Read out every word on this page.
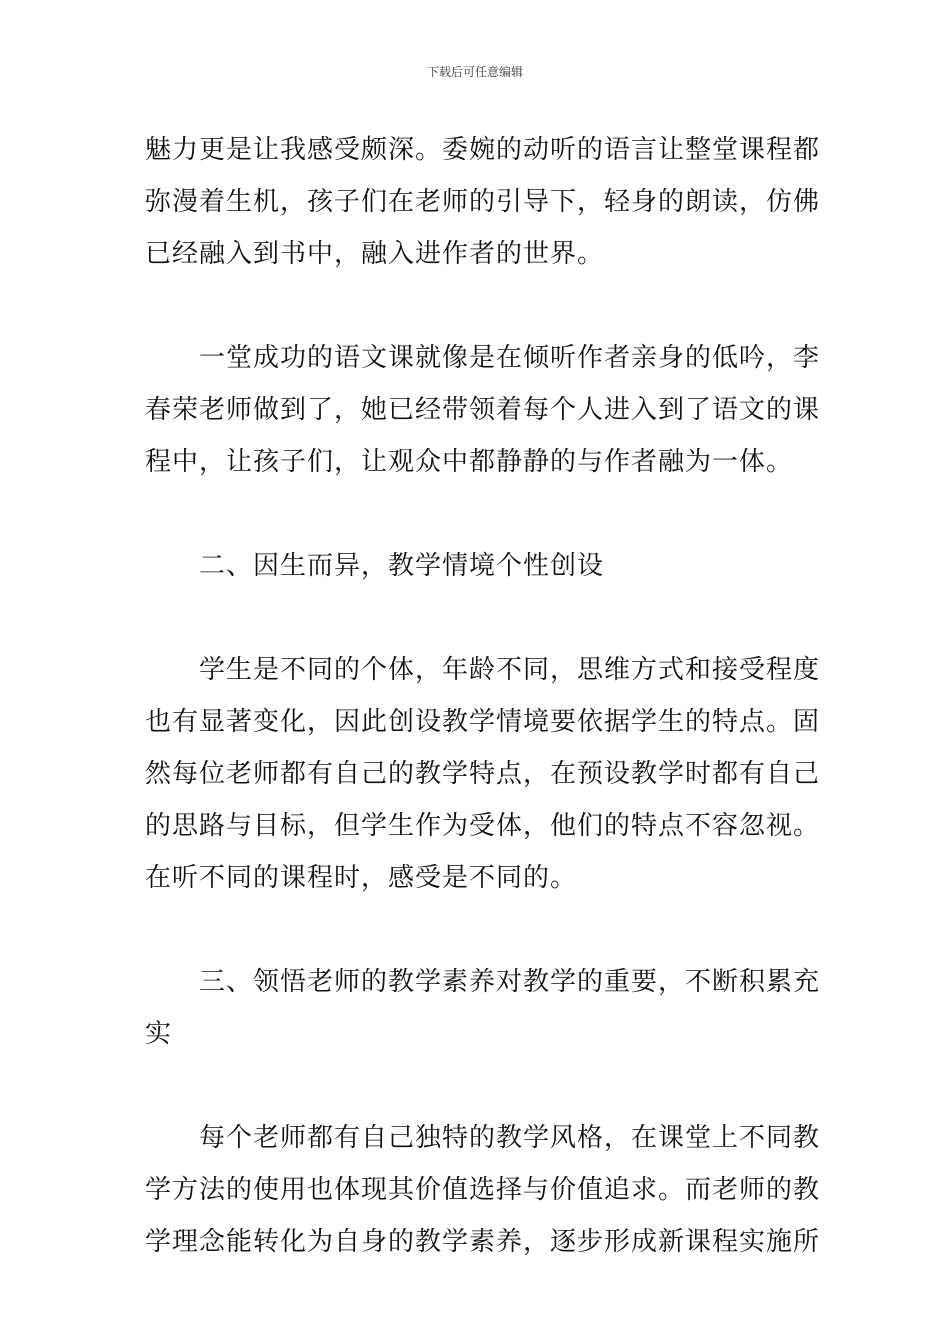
下载后可任意编辑

魅力更是让我感受颇深。委婉的动听的语言让整堂课程都
弥漫着生机，孩子们在老师的引导下，轻身的朗读，仿佛
已经融入到书中，融入进作者的世界。

一堂成功的语文课就像是在倾听作者亲身的低吟，李
春荣老师做到了，她已经带领着每个人进入到了语文的课
程中，让孩子们，让观众中都静静的与作者融为一体。

二、因生而异，教学情境个性创设

学生是不同的个体，年龄不同，思维方式和接受程度
也有显著变化，因此创设教学情境要依据学生的特点。固
然每位老师都有自己的教学特点，在预设教学时都有自己
的思路与目标，但学生作为受体，他们的特点不容忽视。
在听不同的课程时，感受是不同的。

三、领悟老师的教学素养对教学的重要，不断积累充
实

每个老师都有自己独特的教学风格，在课堂上不同教
学方法的使用也体现其价值选择与价值追求。而老师的教
学理念能转化为自身的教学素养，逐步形成新课程实施所
